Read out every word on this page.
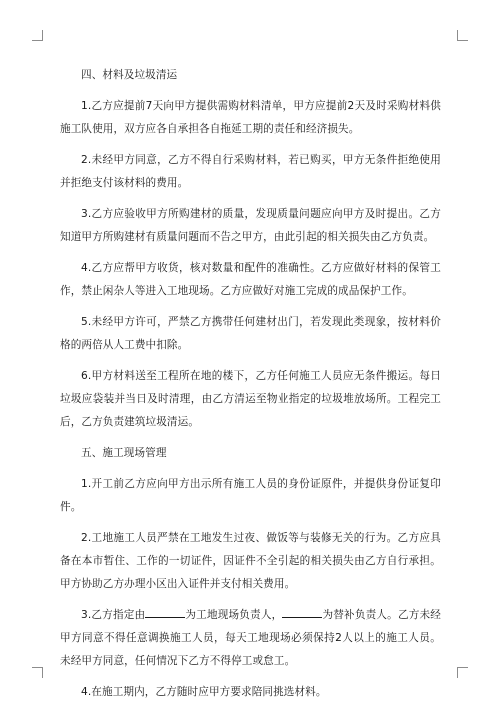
四、材料及垃圾清运

1.乙方应提前7天向甲方提供需购材料清单，甲方应提前2天及时采购材料供施工队使用，双方应各自承担各自拖延工期的责任和经济损失。

2.未经甲方同意，乙方不得自行采购材料，若已购买，甲方无条件拒绝使用并拒绝支付该材料的费用。

3.乙方应验收甲方所购建材的质量，发现质量问题应向甲方及时提出。乙方知道甲方所购建材有质量问题而不告之甲方，由此引起的相关损失由乙方负责。

4.乙方应帮甲方收货，核对数量和配件的准确性。乙方应做好材料的保管工作，禁止闲杂人等进入工地现场。乙方应做好对施工完成的成品保护工作。

5.未经甲方许可，严禁乙方携带任何建材出门，若发现此类现象，按材料价格的两倍从人工费中扣除。

6.甲方材料送至工程所在地的楼下，乙方任何施工人员应无条件搬运。每日垃圾应袋装并当日及时清理，由乙方清运至物业指定的垃圾堆放场所。工程完工后，乙方负责建筑垃圾清运。

五、施工现场管理

1.开工前乙方应向甲方出示所有施工人员的身份证原件，并提供身份证复印件。

2.工地施工人员严禁在工地发生过夜、做饭等与装修无关的行为。乙方应具备在本市暂住、工作的一切证件，因证件不全引起的相关损失由乙方自行承担。甲方协助乙方办理小区出入证件并支付相关费用。

3.乙方指定由	为工地现场负责人，	为替补负责人。乙方未经甲方同意不得任意调换施工人员，每天工地现场必须保持2人以上的施工人员。未经甲方同意，任何情况下乙方不得停工或怠工。

4.在施工期内，乙方随时应甲方要求陪同挑选材料。
